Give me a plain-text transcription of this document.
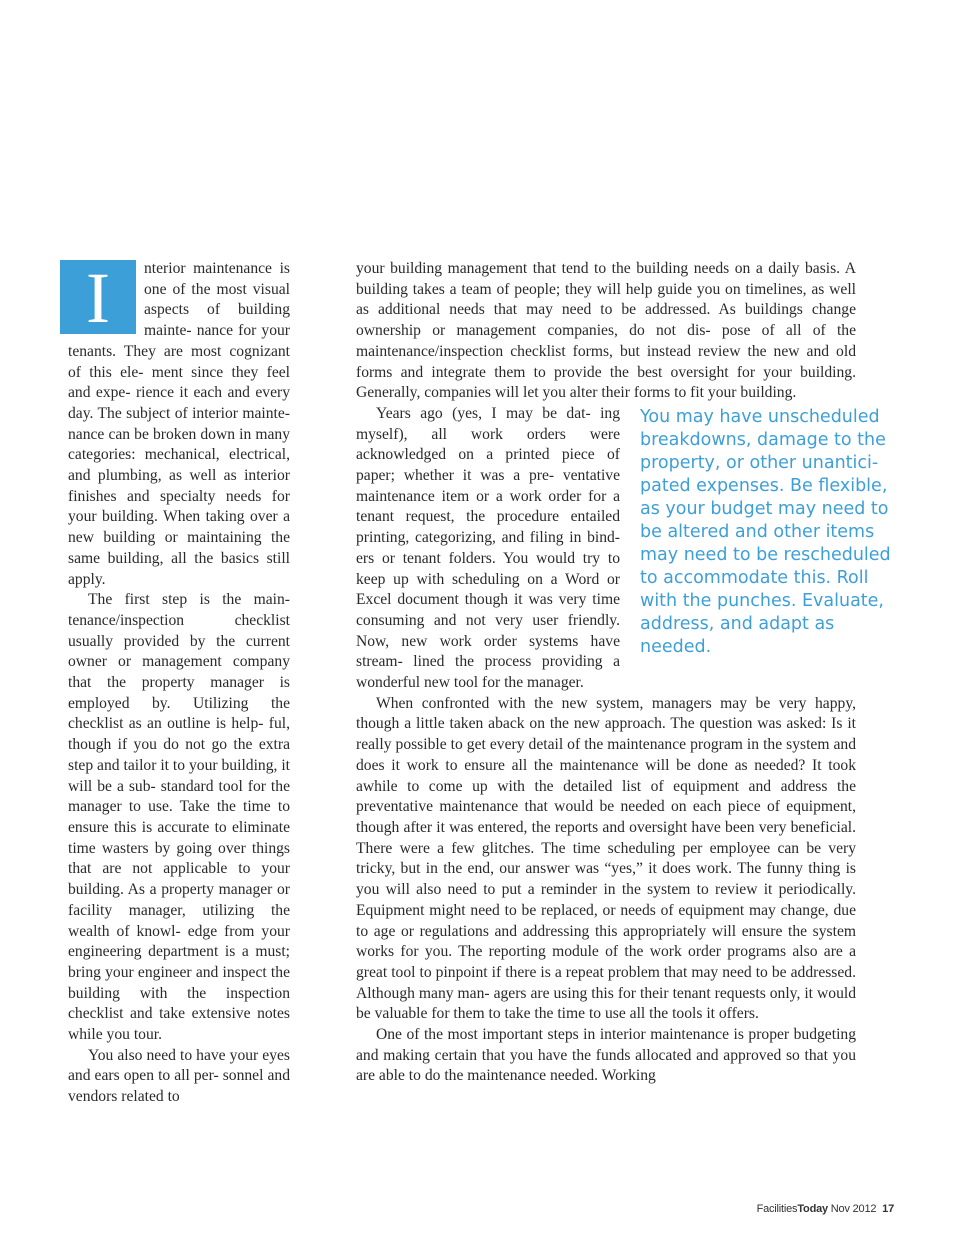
I	nterior maintenance is one of the most visual aspects of building mainte- nance for your tenants. They are most cognizant of this ele- ment since they feel and expe- rience it each and every day. The subject of interior mainte- nance can be broken down in many categories: mechanical, electrical, and plumbing, as well as interior finishes and specialty needs for your building. When taking over a new building or maintaining the same building, all the basics still apply.

The first step is the main- tenance/inspection checklist usually provided by the current owner or management company that the property manager is employed by. Utilizing the checklist as an outline is help- ful, though if you do not go the extra step and tailor it to your building, it will be a sub- standard tool for the manager to use. Take the time to ensure this is accurate to eliminate time wasters by going over things that are not applicable to your building. As a property manager or facility manager, utilizing the wealth of knowl- edge from your engineering department is a must; bring your engineer and inspect the building with the inspection checklist and take extensive notes while you tour.

You also need to have your eyes and ears open to all per- sonnel and vendors related to

your building management that tend to the building needs on a daily basis. A building takes a team of people; they will help guide you on timelines, as well as additional needs that may need to be addressed. As buildings change ownership or management companies, do not dis- pose of all of the maintenance/inspection checklist forms, but instead review the new and old forms and integrate them to provide the best oversight for your building. Generally, companies will let you alter their forms to fit your building.

You may have unscheduled breakdowns, damage to the property, or other unantici- pated expenses. Be flexible, as your budget may need to be altered and other items may need to be rescheduled to accommodate this. Roll with the punches. Evaluate, address, and adapt as needed.

Years ago (yes, I may be dat- ing myself), all work orders were acknowledged on a printed piece of paper; whether it was a pre- ventative maintenance item or a work order for a tenant request, the procedure entailed printing, categorizing, and filing in bind- ers or tenant folders. You would try to keep up with scheduling on a Word or Excel document though it was very time consuming and not very user friendly. Now, new work order systems have stream- lined the process providing a wonderful new tool for the manager.

When confronted with the new system, managers may be very happy, though a little taken aback on the new approach. The question was asked: Is it really possible to get every detail of the maintenance program in the system and does it work to ensure all the maintenance will be done as needed? It took awhile to come up with the detailed list of equipment and address the preventative maintenance that would be needed on each piece of equipment, though after it was entered, the reports and oversight have been very beneficial. There were a few glitches. The time scheduling per employee can be very tricky, but in the end, our answer was “yes,” it does work. The funny thing is you will also need to put a reminder in the system to review it periodically. Equipment might need to be replaced, or needs of equipment may change, due to age or regulations and addressing this appropriately will ensure the system works for you. The reporting module of the work order programs also are a great tool to pinpoint if there is a repeat problem that may need to be addressed. Although many man- agers are using this for their tenant requests only, it would be valuable for them to take the time to use all the tools it offers.

One of the most important steps in interior maintenance is proper budgeting and making certain that you have the funds allocated and approved so that you are able to do the maintenance needed. Working

FacilitiesToday Nov 2012 17
